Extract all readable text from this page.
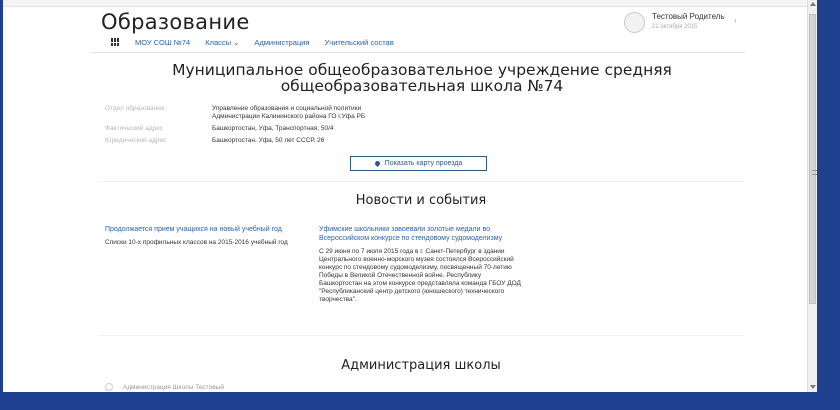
Образование
МОУ СОШ №74 Классы ⌄ Администрация Учительский состав
Тестовый Родитель
21 октября 2015
›
Муниципальное общеобразовательное учреждение средняя общеобразовательная школа №74
Отдел образования	Управление образования и социальной политики
Администрации Калининского района ГО г.Уфа РБ
Фактический адрес	Башкортостан, Уфа, Транспортная, 50/4
Юридический адрес	Башкортостан, Уфа, 50 лет СССР, 26
Показать карту проезда
Новости и события
Продолжается прием учащихся на новый учебный год
Списки 10-х профильных классов на 2015-2016 учебный год
Уфимские школьники завоевали золотые медали во Всероссийском конкурсе по стендовому судомоделизму
С 29 июня по 7 июля 2015 года в г. Санкт-Петербург в здании Центрального военно-морского музея состоялся Всероссийский конкурс по стендовому судомоделизму, посвященный 70-летию Победы в Великой Отечественной войне. Республику Башкортостан на этом конкурсе представляла команда ГБОУ ДОД "Республиканский центр детского (юношеского) технического творчества".
Администрация школы
Администрация Школы Тестовый
